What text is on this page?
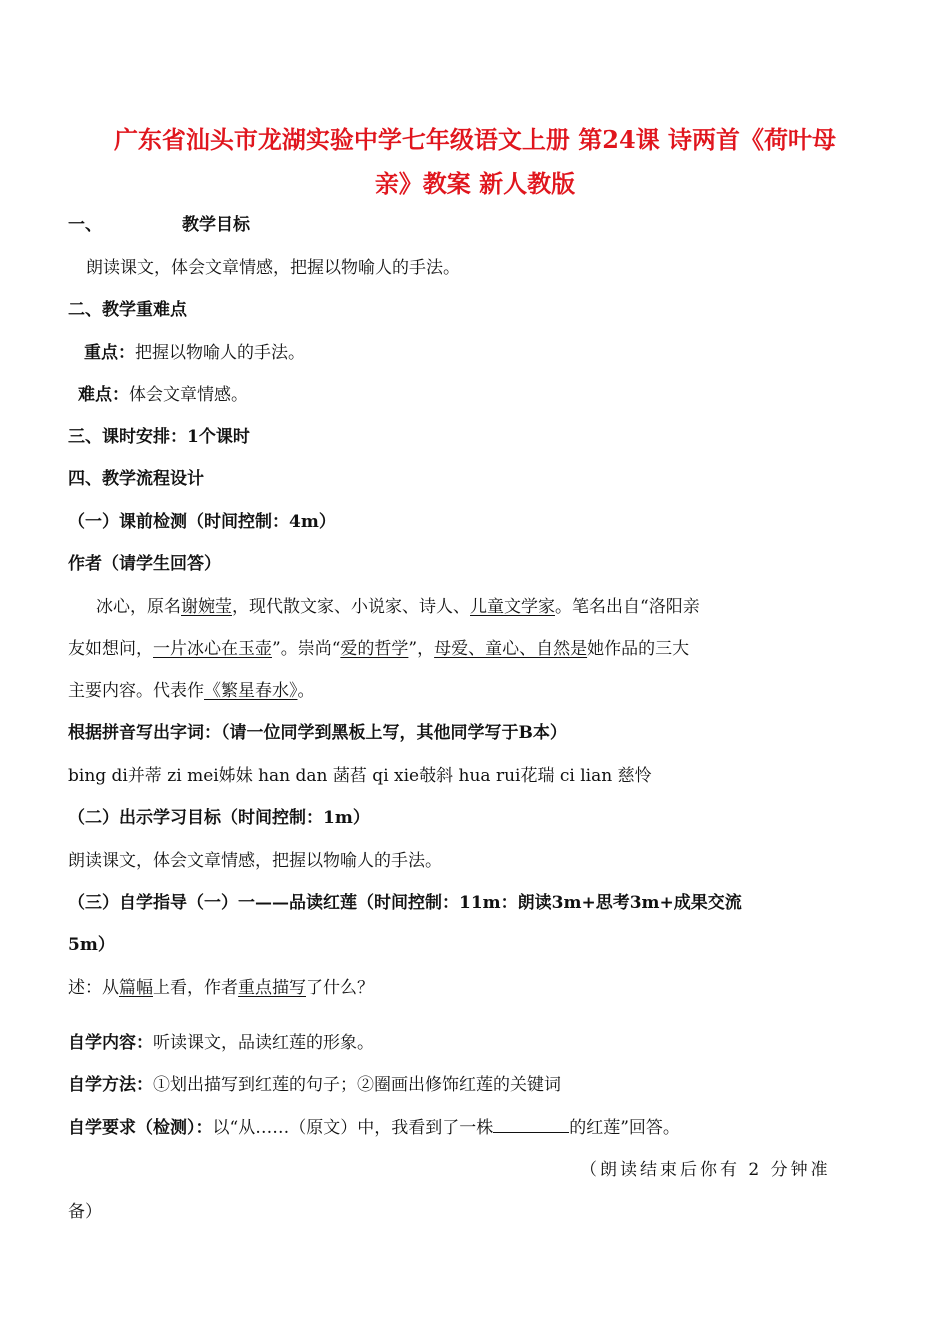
广东省汕头市龙湖实验中学七年级语文上册 第24课 诗两首《荷叶母
亲》教案 新人教版
一、	教学目标
朗读课文，体会文章情感，把握以物喻人的手法。
二、教学重难点
重点：把握以物喻人的手法。
难点：体会文章情感。
三、课时安排：1个课时
四、教学流程设计
（一）课前检测（时间控制：4m）
作者（请学生回答）
冰心，原名谢婉莹，现代散文家、小说家、诗人、儿童文学家。笔名出自“洛阳亲
友如想问，一片冰心在玉壶”。崇尚“爱的哲学”，母爱、童心、自然是她作品的三大
主要内容。代表作《繁星春水》。
根据拼音写出字词：（请一位同学到黑板上写，其他同学写于B本）
bing di并蒂 zi mei姊妹 han dan 菡萏 qi xie攲斜 hua rui花瑞 ci lian 慈怜
（二）出示学习目标（时间控制：1m）
朗读课文，体会文章情感，把握以物喻人的手法。
（三）自学指导（一）一——品读红莲（时间控制：11m：朗读3m+思考3m+成果交流
5m）
述：从篇幅上看，作者重点描写了什么？
自学内容：听读课文，品读红莲的形象。
自学方法：①划出描写到红莲的句子；②圈画出修饰红莲的关键词
自学要求（检测）：以“从……（原文）中，我看到了一株	的红莲”回答。
（朗读结束后你有 2 分钟准
备）
